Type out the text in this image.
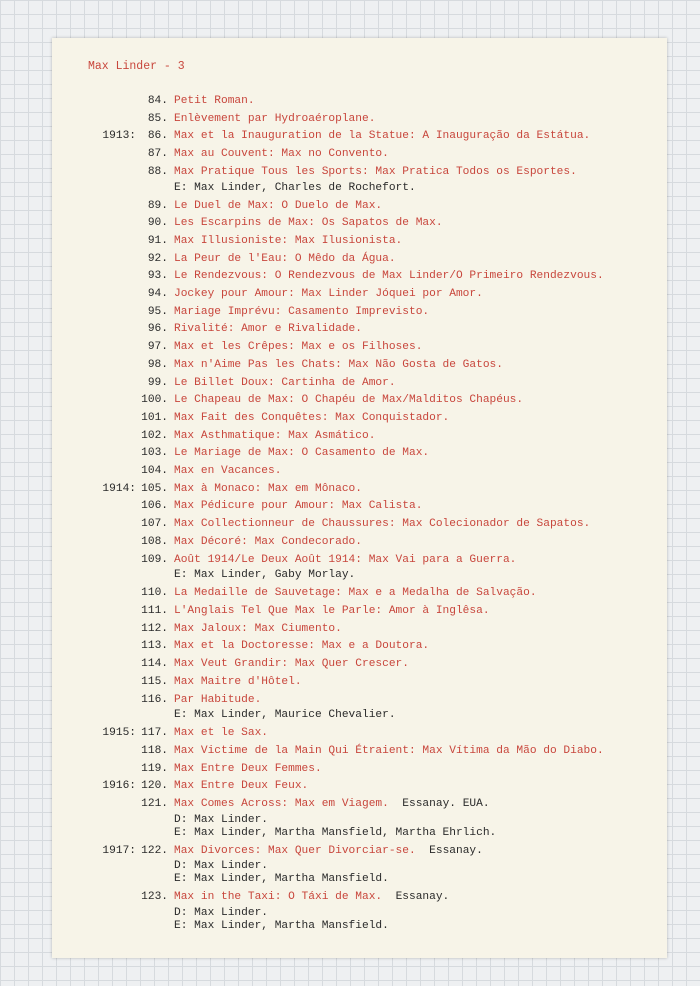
Max Linder - 3
84. Petit Roman.
85. Enlèvement par Hydroaéroplane.
1913:	86. Max et la Inauguration de la Statue: A Inauguração da Estátua.
87. Max au Couvent: Max no Convento.
88. Max Pratique Tous les Sports: Max Pratica Todos os Esportes.
E: Max Linder, Charles de Rochefort.
89. Le Duel de Max: O Duelo de Max.
90. Les Escarpins de Max: Os Sapatos de Max.
91. Max Illusioniste: Max Ilusionista.
92. La Peur de l'Eau: O Mêdo da Água.
93. Le Rendezvous: O Rendezvous de Max Linder/O Primeiro Rendezvous.
94. Jockey pour Amour: Max Linder Jóquei por Amor.
95. Mariage Imprévu: Casamento Imprevisto.
96. Rivalité: Amor e Rivalidade.
97. Max et les Crêpes: Max e os Filhoses.
98. Max n'Aime Pas les Chats: Max Não Gosta de Gatos.
99. Le Billet Doux: Cartinha de Amor.
100. Le Chapeau de Max: O Chapéu de Max/Malditos Chapéus.
101. Max Fait des Conquêtes: Max Conquistador.
102. Max Asthmatique: Max Asmático.
103. Le Mariage de Max: O Casamento de Max.
104. Max en Vacances.
1914: 105. Max à Monaco: Max em Mônaco.
106. Max Pédicure pour Amour: Max Calista.
107. Max Collectionneur de Chaussures: Max Colecionador de Sapatos.
108. Max Décoré: Max Condecorado.
109. Août 1914/Le Deux Août 1914: Max Vai para a Guerra.
E: Max Linder, Gaby Morlay.
110. La Medaille de Sauvetage: Max e a Medalha de Salvação.
111. L'Anglais Tel Que Max le Parle: Amor à Inglêsa.
112. Max Jaloux: Max Ciumento.
113. Max et la Doctoresse: Max e a Doutora.
114. Max Veut Grandir: Max Quer Crescer.
115. Max Maitre d'Hôtel.
116. Par Habitude.
E: Max Linder, Maurice Chevalier.
1915: 117. Max et le Sax.
118. Max Victime de la Main Qui Étraient: Max Vítima da Mão do Diabo.
119. Max Entre Deux Femmes.
1916: 120. Max Entre Deux Feux.
121. Max Comes Across: Max em Viagem. Essanay. EUA.
D: Max Linder.
E: Max Linder, Martha Mansfield, Martha Ehrlich.
1917: 122. Max Divorces: Max Quer Divorciar-se. Essanay.
D: Max Linder.
E: Max Linder, Martha Mansfield.
123. Max in the Taxi: O Táxi de Max. Essanay.
D: Max Linder.
E: Max Linder, Martha Mansfield.
